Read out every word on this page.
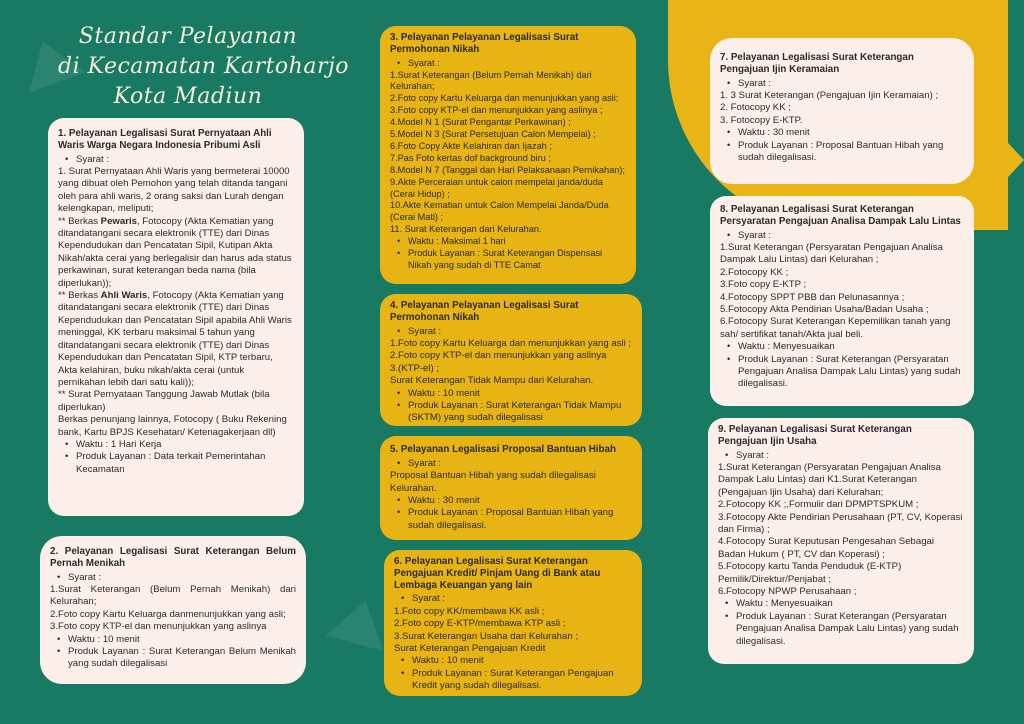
Standar Pelayanan
di Kecamatan Kartoharjo
Kota Madiun
1. Pelayanan Legalisasi Surat Pernyataan Ahli Waris Warga Negara Indonesia Pribumi Asli

• Syarat :

1. Surat Pernyataan Ahli Waris yang bermeterai 10000 yang dibuat oleh Pemohon yang telah ditanda tangani oleh para ahli waris, 2 orang saksi dan Lurah dengan kelengkapan, meliputi;

** Berkas Pewaris, Fotocopy (Akta Kematian yang ditandatangani secara elektronik (TTE) dari Dinas Kependudukan dan Pencatatan Sipil, Kutipan Akta Nikah/akta cerai yang berlegalisir dan harus ada status perkawinan, surat keterangan beda nama (bila diperlukan));

** Berkas Ahli Waris, Fotocopy (Akta Kematian yang ditandatangani secara elektronik (TTE) dari Dinas Kependudukan dan Pencatatan Sipil apabila Ahli Waris meninggal, KK terbaru maksimal 5 tahun yang ditandatangani secara elektronik (TTE) dari Dinas Kependudukan dan Pencatatan Sipil, KTP terbaru, Akta kelahiran, buku nikah/akta cerai (untuk pernikahan lebih dari satu kali));

** Surat Pernyataan Tanggung Jawab Mutlak (bila diperlukan)

Berkas penunjang lainnya, Fotocopy ( Buku Rekening bank, Kartu BPJS Kesehatan/ Ketenagakerjaan dll)

• Waktu : 1 Hari Kerja

• Produk Layanan : Data terkait Pemerintahan Kecamatan

2. Pelayanan Legalisasi Surat Keterangan Belum Pernah Menikah

• Syarat :

1.Surat Keterangan (Belum Pernah Menikah) dari Kelurahan;

2.Foto copy Kartu Keluarga danmenunjukkan yang asli;

3.Foto copy KTP-el dan menunjukkan yang aslinya

• Waktu : 10 menit

• Produk Layanan : Surat Keterangan Belum Menikah yang sudah dilegalisasi

3. Pelayanan Pelayanan Legalisasi Surat Permohonan Nikah

• Syarat :

1.Surat Keterangan (Belum Pernah Menikah) dari Kelurahan;

2.Foto copy Kartu Keluarga dan menunjukkan yang asli;

3.Foto copy KTP-el dan menunjukkan yang aslinya ;

4.Model N 1 (Surat Pengantar Perkawinan) ;

5.Model N 3 (Surat Persetujuan Calon Mempelai) ;

6.Foto Copy Akte Kelahiran dan Ijazah ;

7.Pas Foto kertas dof background biru ;

8.Model N 7 (Tanggal dan Hari Pelaksanaan Pernikahan);

9.Akte Perceraian untuk calon mempelai janda/duda (Cerai Hidup) ;

10.Akte Kematian untuk Calon Mempelai Janda/Duda (Cerai Mati) ;

11. Surat Keterangan dari Kelurahan.

• Waktu : Maksimal 1 hari

• Produk Layanan : Surat Keterangan Dispensasi Nikah yang sudah di TTE Camat

4. Pelayanan Pelayanan Legalisasi Surat Permohonan Nikah

• Syarat :

1.Foto copy Kartu Keluarga dan menunjukkan yang asli ;

2.Foto copy KTP-el dan menunjukkan yang aslinya

3.(KTP-el) ;

Surat Keterangan Tidak Mampu dari Kelurahan.

• Waktu : 10 menit

• Produk Layanan : Surat Keterangan Tidak Mampu (SKTM) yang sudah dilegalisasi

5. Pelayanan Legalisasi Proposal Bantuan Hibah

• Syarat :

Proposal Bantuan Hibah yang sudah dilegalisasi Kelurahan.

• Waktu : 30 menit

• Produk Layanan : Proposal Bantuan Hibah yang sudah dilegalisasi.

6. Pelayanan Legalisasi Surat Keterangan Pengajuan Kredit/ Pinjam Uang di Bank atau Lembaga Keuangan yang lain

• Syarat :

1.Foto copy KK/membawa KK asli ;

2.Foto copy E-KTP/membawa KTP asli ;

3.Surat Keterangan Usaha dari Kelurahan ;

Surat Keterangan Pengajuan Kredit

• Waktu : 10 menit

• Produk Layanan : Surat Keterangan Pengajuan Kredit yang sudah dilegalisasi.

7. Pelayanan Legalisasi Surat Keterangan Pengajuan Ijin Keramaian

• Syarat :

1. 3 Surat Keterangan (Pengajuan Ijin Keramaian) ;

2. Fotocopy KK ;

3. Fotocopy E-KTP.

• Waktu : 30 menit

• Produk Layanan : Proposal Bantuan Hibah yang sudah dilegalisasi.

8. Pelayanan Legalisasi Surat Keterangan Persyaratan Pengajuan Analisa Dampak Lalu Lintas

• Syarat :

1.Surat Keterangan (Persyaratan Pengajuan Analisa Dampak Lalu Lintas) dari Kelurahan ;

2.Fotocopy KK ;

3.Foto copy E-KTP ;

4.Fotocopy SPPT PBB dan Pelunasannya ;

5.Fotocopy Akta Pendirian Usaha/Badan Usaha ;

6.Fotocopy Surat Keterangan Kepemilikan tanah yang sah/ sertifikat tanah/Akta jual beli.

• Waktu : Menyesuaikan

• Produk Layanan : Surat Keterangan (Persyaratan Pengajuan Analisa Dampak Lalu Lintas) yang sudah dilegalisasi.

9. Pelayanan Legalisasi Surat Keterangan Pengajuan Ijin Usaha

• Syarat :

1.Surat Keterangan (Persyaratan Pengajuan Analisa Dampak Lalu Lintas) dari K1.Surat Keterangan (Pengajuan Ijin Usaha) dari Kelurahan;

2.Fotocopy KK ;,Formulir dari DPMPTSPKUM ;

3.Fotocopy Akte Pendirian Perusahaan (PT, CV, Koperasi dan Firma) ;

4.Fotocopy Surat Keputusan Pengesahan Sebagai Badan Hukum ( PT, CV dan Koperasi) ;

5.Fotocopy kartu Tanda Penduduk (E-KTP) Pemilik/Direktur/Penjabat ;

6.Fotocopy NPWP Perusahaan ;

• Waktu : Menyesuaikan

• Produk Layanan : Surat Keterangan (Persyaratan Pengajuan Analisa Dampak Lalu Lintas) yang sudah dilegalisasi.
